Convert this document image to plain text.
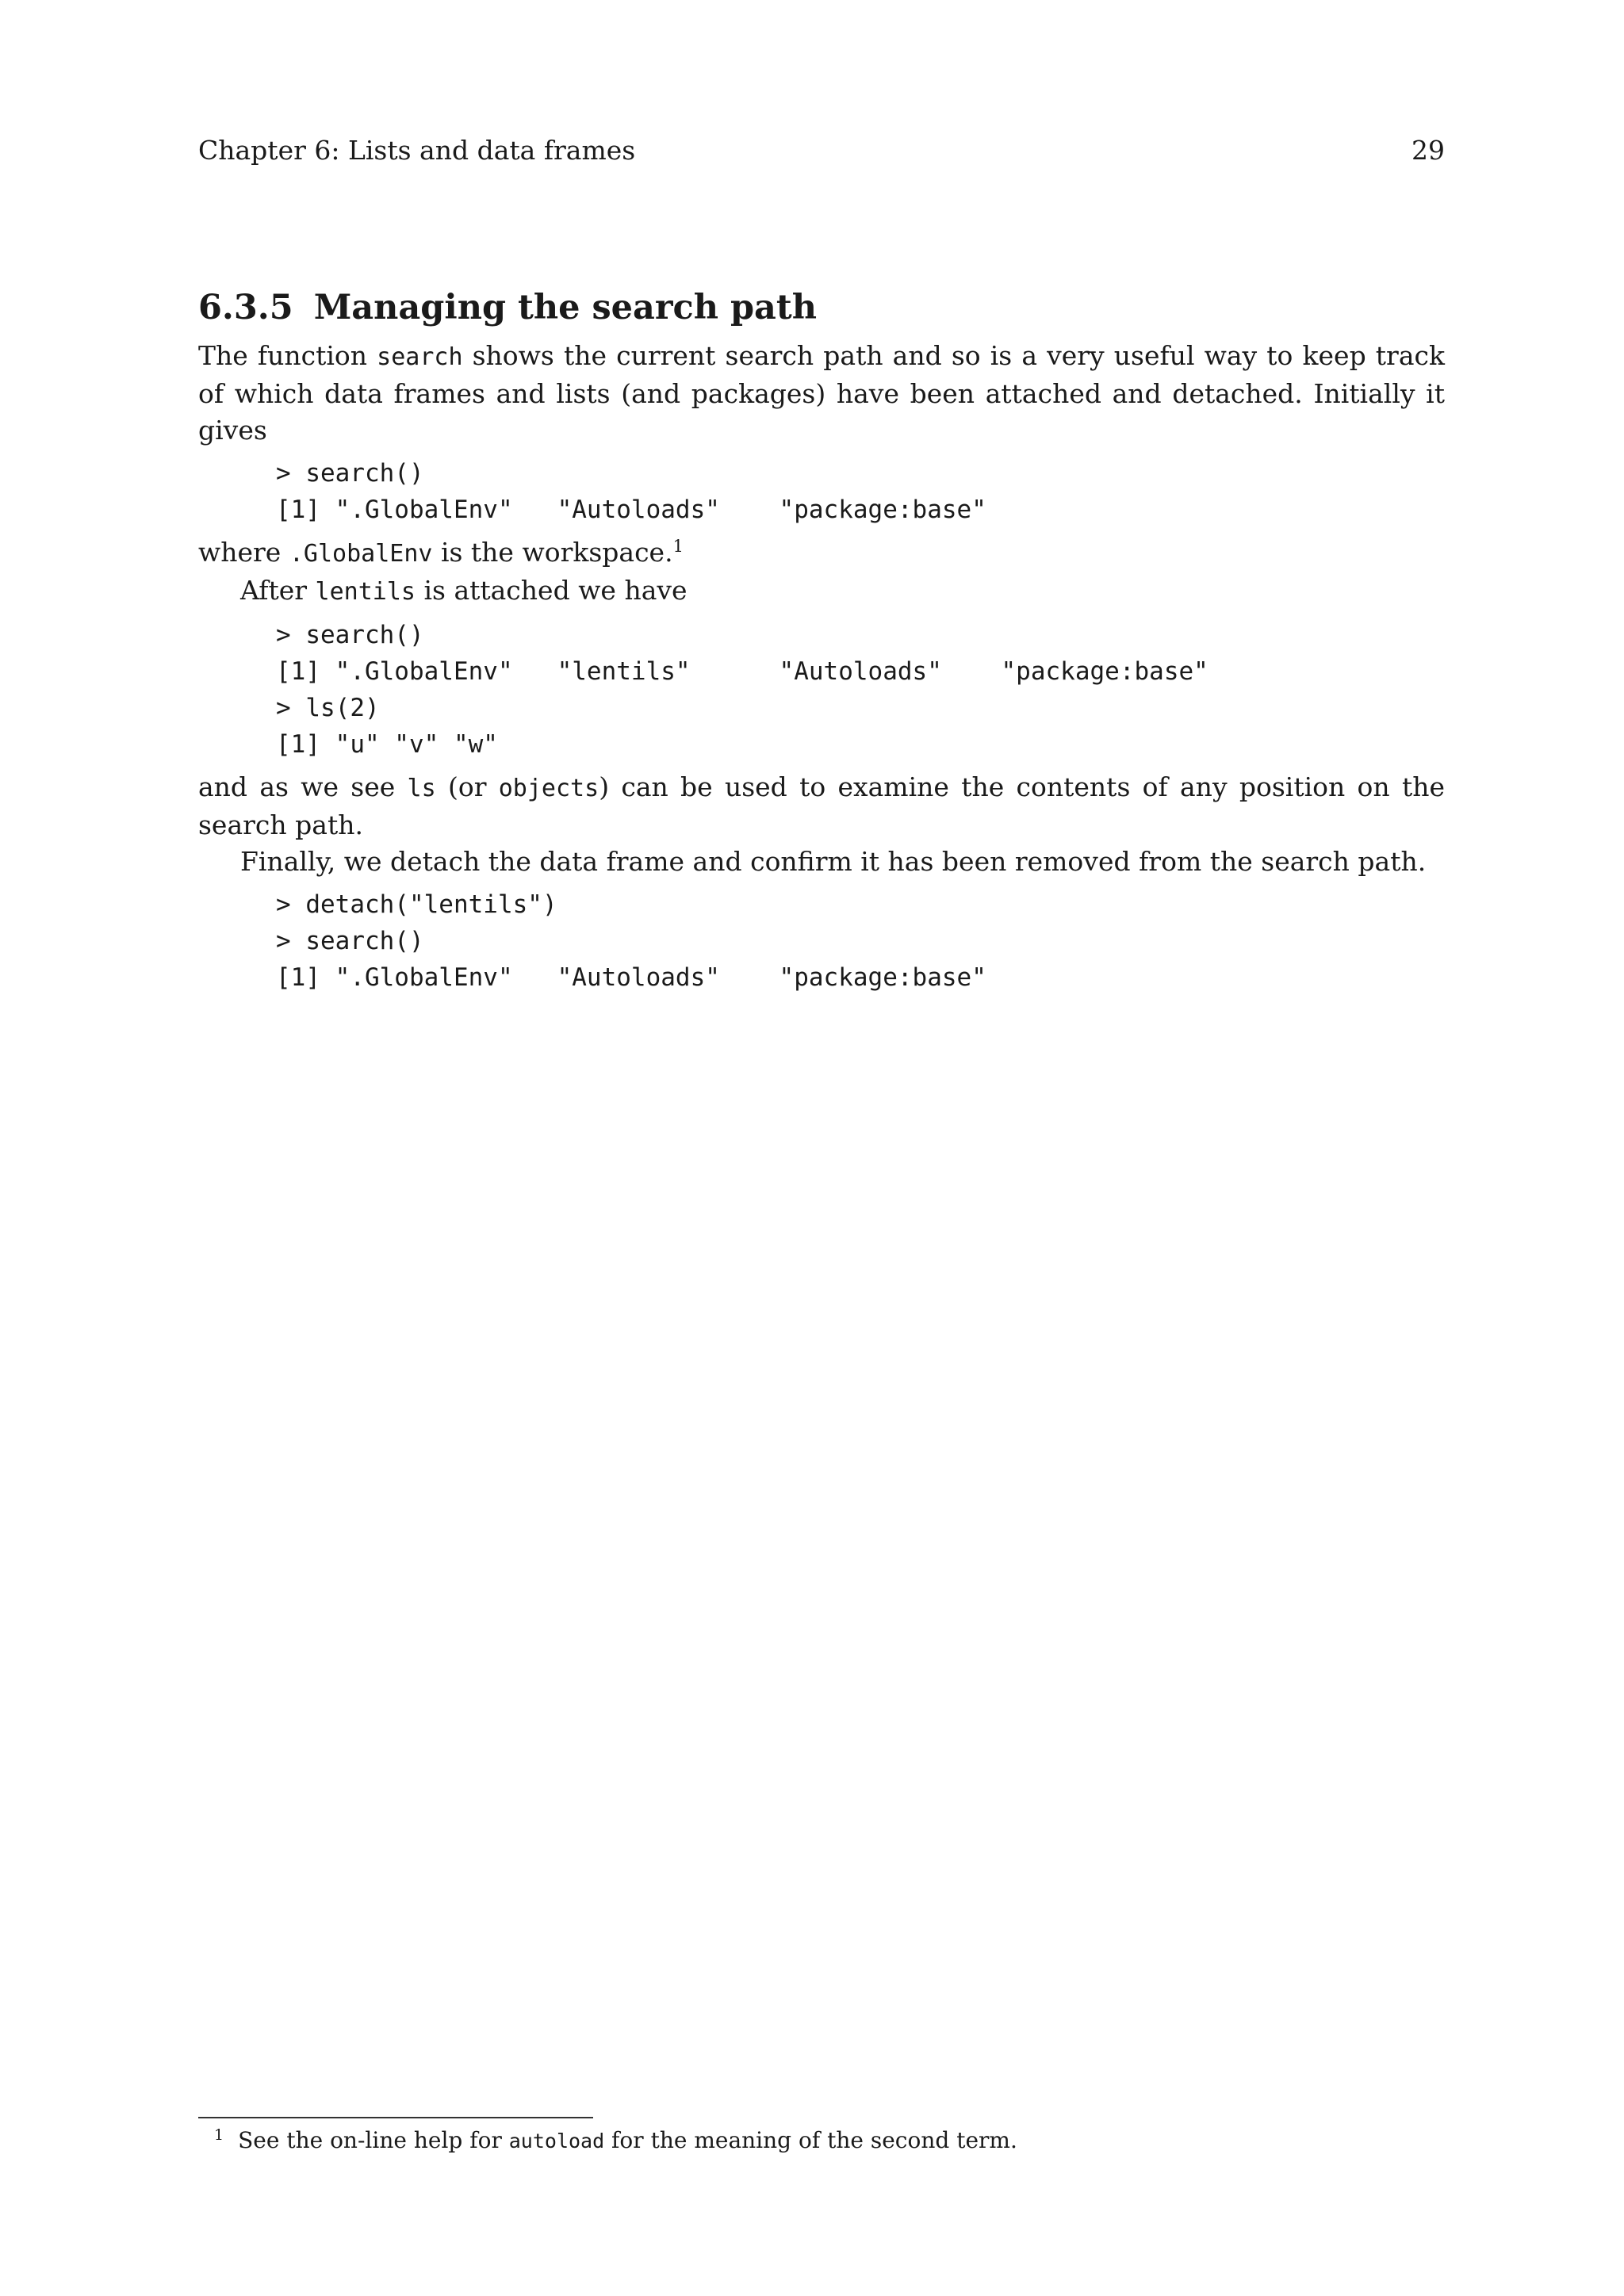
Chapter 6: Lists and data frames	29
6.3.5 Managing the search path

The function search shows the current search path and so is a very useful way to keep track of which data frames and lists (and packages) have been attached and detached. Initially it gives

> search()
[1] ".GlobalEnv"   "Autoloads"    "package:base"

where .GlobalEnv is the workspace.$^1$

After lentils is attached we have

> search()
[1] ".GlobalEnv"   "lentils"      "Autoloads"    "package:base"
> ls(2)
[1] "u" "v" "w"

and as we see ls (or objects) can be used to examine the contents of any position on the search path.

Finally, we detach the data frame and confirm it has been removed from the search path.

> detach("lentils")
> search()
[1] ".GlobalEnv"   "Autoloads"    "package:base"
$^1$ See the on-line help for autoload for the meaning of the second term.
